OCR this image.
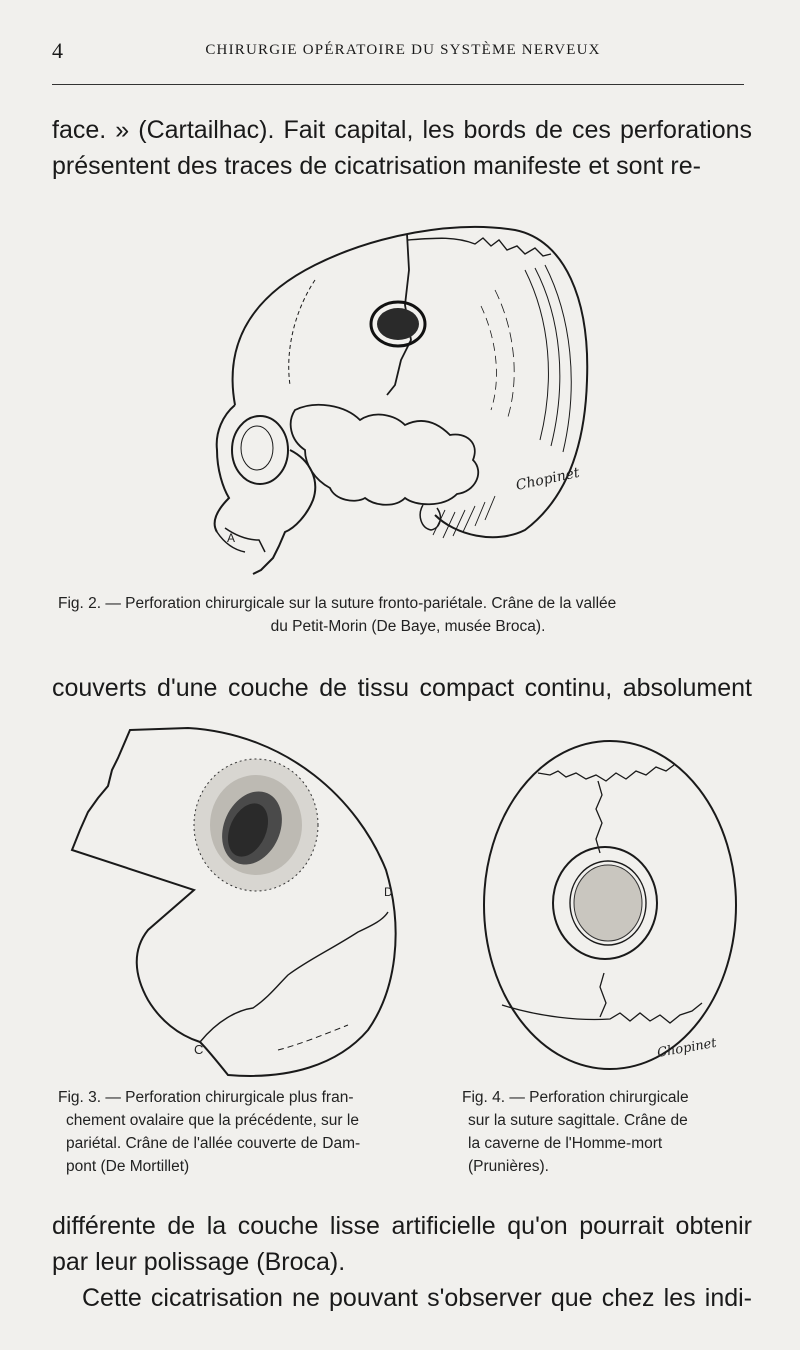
4	CHIRURGIE OPÉRATOIRE DU SYSTÈME NERVEUX
face. » (Cartailhac). Fait capital, les bords de ces perforations
présentent des traces de cicatrisation manifeste et sont re-
A
Chopinet
Fig. 2. — Perforation chirurgicale sur la suture fronto-pariétale. Crâne de la vallée
du Petit-Morin (De Baye, musée Broca).
couverts d'une couche de tissu compact continu, absolument
D
C	Chopinet
Fig. 3. — Perforation chirurgicale plus fran-
chement ovalaire que la précédente, sur le
pariétal. Crâne de l'allée couverte de Dam-
pont (De Mortillet)
Fig. 4. — Perforation chirurgicale
sur la suture sagittale. Crâne de
la caverne de l'Homme-mort
(Prunières).
différente de la couche lisse artificielle qu'on pourrait obtenir
par leur polissage (Broca).
Cette cicatrisation ne pouvant s'observer que chez les indi-
